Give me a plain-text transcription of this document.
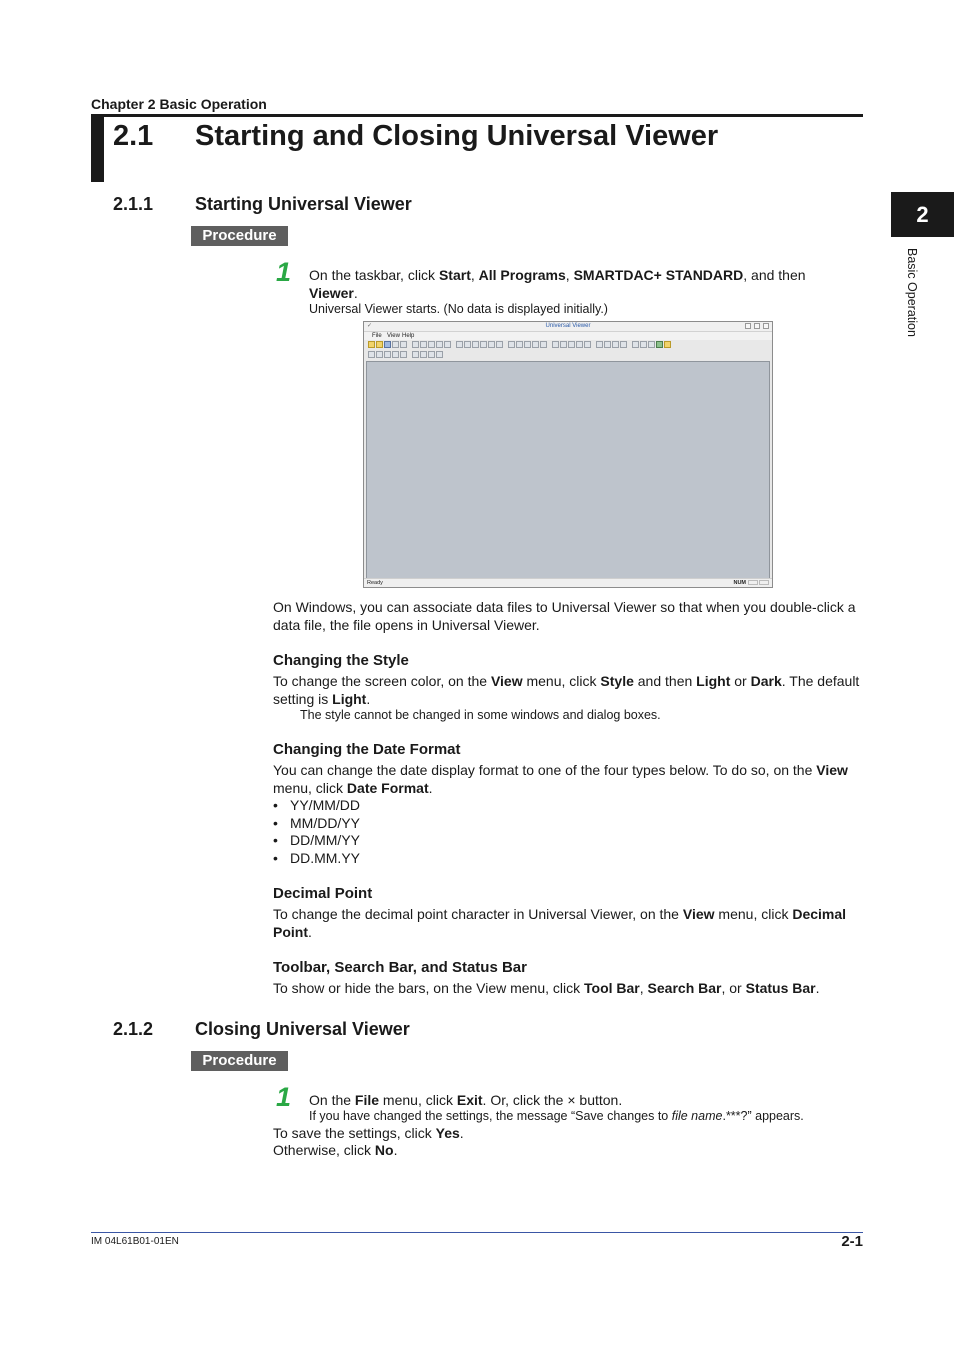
Chapter 2 Basic Operation
2.1 Starting and Closing Universal Viewer
2
Basic Operation
2.1.1 Starting Universal Viewer
Procedure
1 On the taskbar, click Start, All Programs, SMARTDAC+ STANDARD, and then
Viewer.
Universal Viewer starts. (No data is displayed initially.)
✓	Universal Viewer
File View Help
Ready	NUM
On Windows, you can associate data files to Universal Viewer so that when you double-click a data file, the file opens in Universal Viewer.
Changing the Style
To change the screen color, on the View menu, click Style and then Light or Dark. The default setting is Light.
The style cannot be changed in some windows and dialog boxes.
Changing the Date Format
You can change the date display format to one of the four types below. To do so, on the View menu, click Date Format.
• YY/MM/DD
• MM/DD/YY
• DD/MM/YY
• DD.MM.YY
Decimal Point
To change the decimal point character in Universal Viewer, on the View menu, click Decimal Point.
Toolbar, Search Bar, and Status Bar
To show or hide the bars, on the View menu, click Tool Bar, Search Bar, or Status Bar.
2.1.2 Closing Universal Viewer
Procedure
1 On the File menu, click Exit. Or, click the × button.
If you have changed the settings, the message “Save changes to file name.***?” appears.
To save the settings, click Yes.
Otherwise, click No.
IM 04L61B01-01EN	2-1
